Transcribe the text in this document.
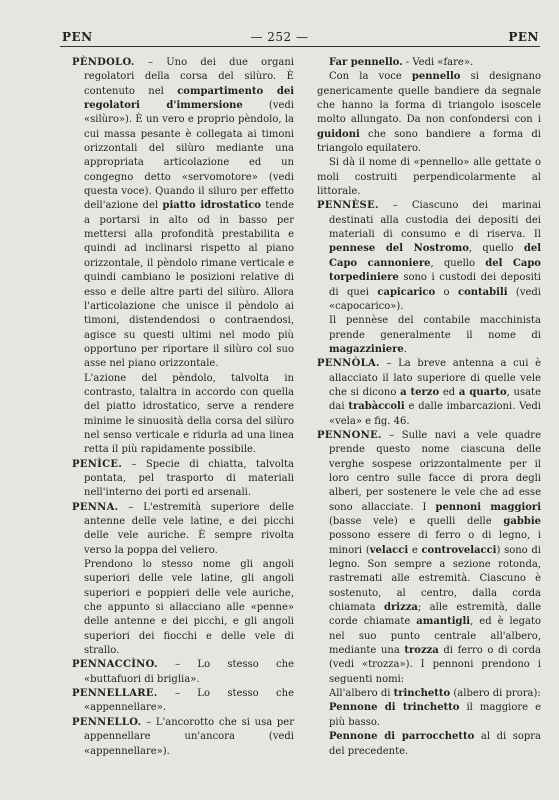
PEN	— 252 —	PEN

PÈNDOLO. – Uno dei due organi regolatori della corsa del silùro. È contenuto nel compartimento dei regolatori d'immersione (vedi «silùro»). È un vero e proprio pèndolo, la cui massa pesante è collegata ai timoni orizzontali del silùro mediante una appropriata articolazione ed un congegno detto «servomotore» (vedi questa voce). Quando il siluro per effetto dell'azione del piatto idrostatico tende a portarsi in alto od in basso per mettersi alla profondità prestabilita e quindi ad inclinarsi rispetto al piano orizzontale, il pèndolo rimane verticale e quindi cambiano le posizioni relative di esso e delle altre parti del silùro. Allora l'articolazione che unisce il pèndolo ai timoni, distendendosi o contraendosi, agisce su questi ultimi nel modo più opportuno per riportare il silùro col suo asse nel piano orizzontale.

L'azione del pèndolo, talvolta in contrasto, talaltra in accordo con quella del piatto idrostatico, serve a rendere minime le sinuosità della corsa del silùro nel senso verticale e ridurla ad una linea retta il più rapidamente possibile.

PENÌCE. – Specie di chiatta, talvolta pontata, pel trasporto di materiali nell'interno dei porti ed arsenali.

PENNA. – L'estremità superiore delle antenne delle vele latine, e dei picchi delle vele auriche. È sempre rivolta verso la poppa del veliero.

Prendono lo stesso nome gli angoli superiori delle vele latine, gli angoli superiori e poppieri delle vele auriche, che appunto si allacciano alle «penne» delle antenne e dei picchi, e gli angoli superiori dei fiocchi e delle vele di strallo.

PENNACCÌNO. – Lo stesso che «buttafuori di briglia».

PENNELLARE. – Lo stesso che «appennellare».

PENNELLO. – L'ancorotto che si usa per appennellare un'ancora (vedi «appennellare»).

Far pennello. - Vedi «fare».

Con la voce pennello si designano genericamente quelle bandiere da segnale che hanno la forma di triangolo isoscele molto allungato. Da non confondersi con i guidoni che sono bandiere a forma di triangolo equilatero.

Si dà il nome di «pennello» alle gettate o moli costruiti perpendicolarmente al littorale.

PENNÈSE. – Ciascuno dei marinai destinati alla custodia dei depositi dei materiali di consumo e di riserva. Il pennese del Nostromo, quello del Capo cannoniere, quello del Capo torpediniere sono i custodi dei depositi di quei capicarico o contabili (vedi «capocarico»).

Il pennèse del contabile macchinista prende generalmente il nome di magazziniere.

PENNÒLA. – La breve antenna a cui è allacciato il lato superiore di quelle vele che si dicono a terzo ed a quarto, usate dai trabàccoli e dalle imbarcazioni. Vedi «vela» e fig. 46.

PENNONE. – Sulle navi a vele quadre prende questo nome ciascuna delle verghe sospese orizzontalmente per il loro centro sulle facce di prora degli alberi, per sostenere le vele che ad esse sono allacciate. I pennoni maggiori (basse vele) e quelli delle gabbie possono essere di ferro o di legno, i minori (velacci e controvelacci) sono di legno. Son sempre a sezione rotonda, rastremati alle estremità. Ciascuno è sostenuto, al centro, dalla corda chiamata drizza; alle estremità, dalle corde chiamate amantigli, ed è legato nel suo punto centrale all'albero, mediante una trozza di ferro o di corda (vedi «trozza»). I pennoni prendono i seguenti nomi:

All'albero di trinchetto (albero di prora):

Pennone di trinchetto il maggiore e più basso.

Pennone di parrocchetto al di sopra del precedente.
